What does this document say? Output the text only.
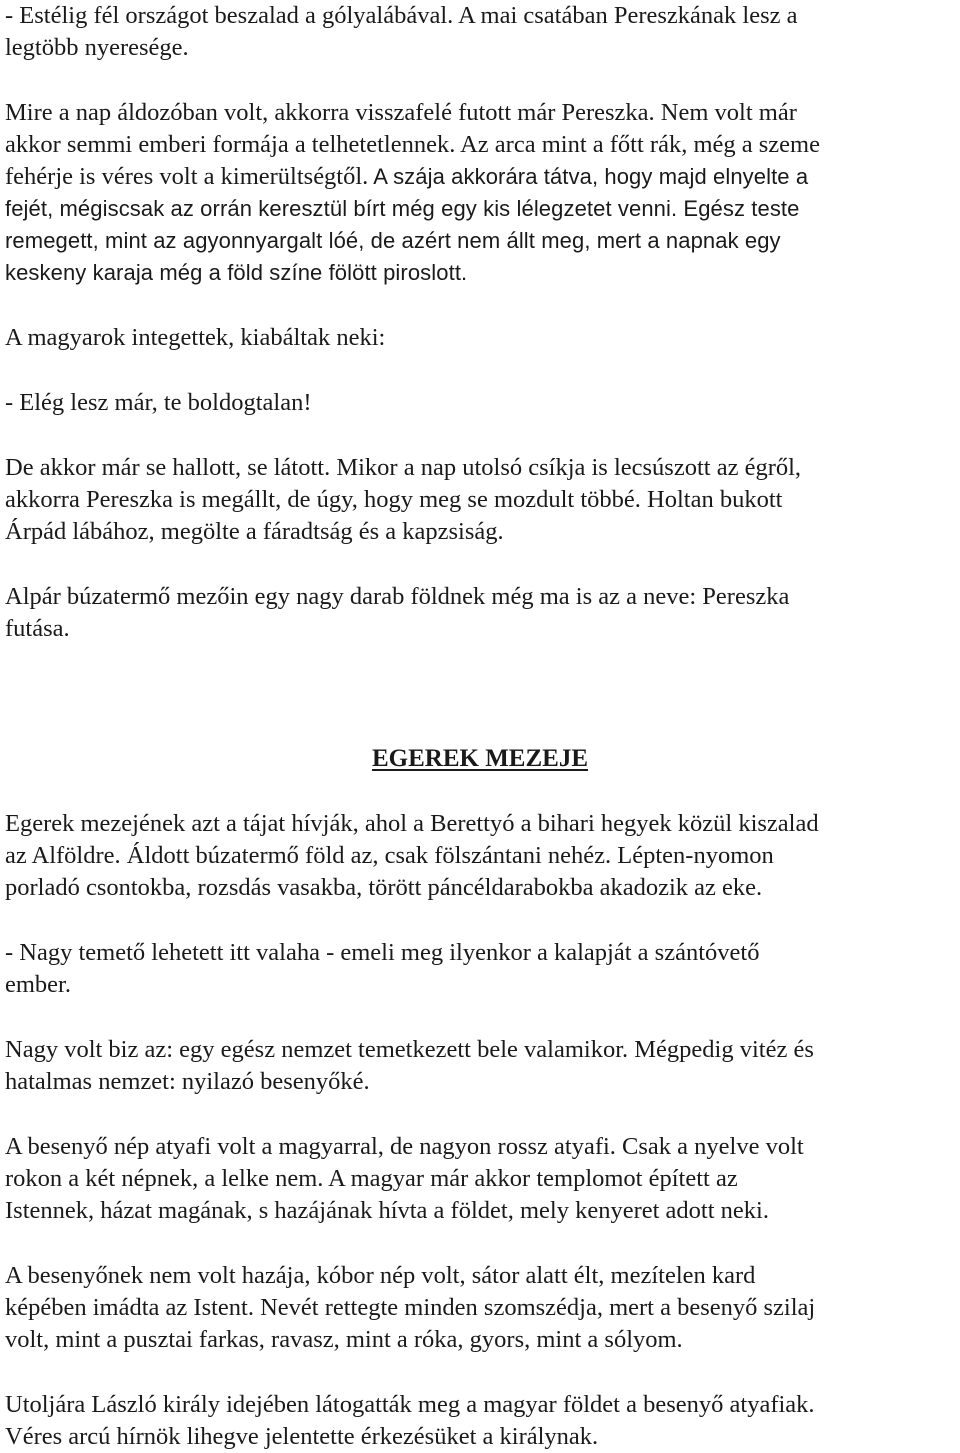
- Estélig fél országot beszalad a gólyalábával. A mai csatában Pereszkának lesz a
legtöbb nyeresége.

Mire a nap áldozóban volt, akkorra visszafelé futott már Pereszka. Nem volt már
akkor semmi emberi formája a telhetetlennek. Az arca mint a főtt rák, még a szeme
fehérje is véres volt a kimerültségtől. A szája akkorára tátva, hogy majd elnyelte a
fejét, mégiscsak az orrán keresztül bírt még egy kis lélegzetet venni. Egész teste
remegett, mint az agyonnyargalt lóé, de azért nem állt meg, mert a napnak egy
keskeny karaja még a föld színe fölött piroslott.

A magyarok integettek, kiabáltak neki:

- Elég lesz már, te boldogtalan!

De akkor már se hallott, se látott. Mikor a nap utolsó csíkja is lecsúszott az égről,
akkorra Pereszka is megállt, de úgy, hogy meg se mozdult többé. Holtan bukott
Árpád lábához, megölte a fáradtság és a kapzsiság.

Alpár búzatermő mezőin egy nagy darab földnek még ma is az a neve: Pereszka
futása.

EGEREK MEZEJE

Egerek mezejének azt a tájat hívják, ahol a Berettyó a bihari hegyek közül kiszalad
az Alföldre. Áldott búzatermő föld az, csak fölszántani nehéz. Lépten-nyomon
porladó csontokba, rozsdás vasakba, törött páncéldarabokba akadozik az eke.

- Nagy temető lehetett itt valaha - emeli meg ilyenkor a kalapját a szántóvető
ember.

Nagy volt biz az: egy egész nemzet temetkezett bele valamikor. Mégpedig vitéz és
hatalmas nemzet: nyilazó besenyőké.

A besenyő nép atyafi volt a magyarral, de nagyon rossz atyafi. Csak a nyelve volt
rokon a két népnek, a lelke nem. A magyar már akkor templomot épített az
Istennek, házat magának, s hazájának hívta a földet, mely kenyeret adott neki.

A besenyőnek nem volt hazája, kóbor nép volt, sátor alatt élt, mezítelen kard
képében imádta az Istent. Nevét rettegte minden szomszédja, mert a besenyő szilaj
volt, mint a pusztai farkas, ravasz, mint a róka, gyors, mint a sólyom.

Utoljára László király idejében látogatták meg a magyar földet a besenyő atyafiak.
Véres arcú hírnök lihegve jelentette érkezésüket a királynak.
